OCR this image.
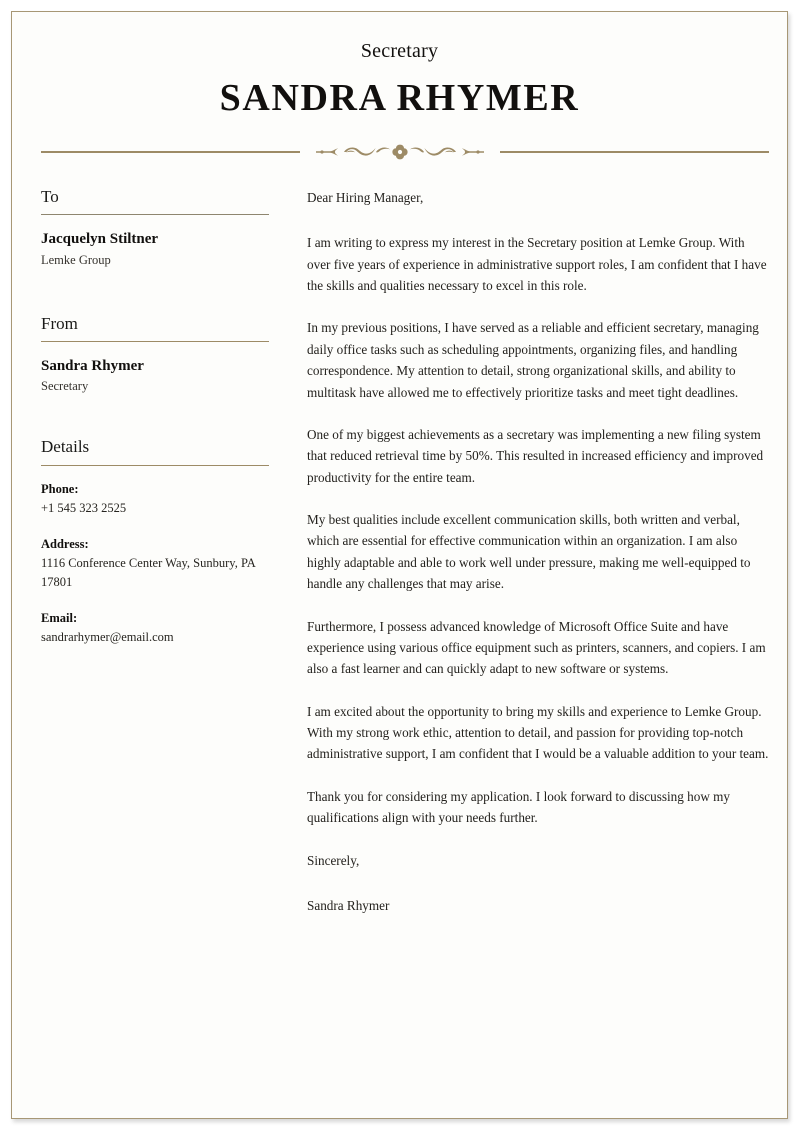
Secretary
SANDRA RHYMER
To
Jacquelyn Stiltner
Lemke Group
From
Sandra Rhymer
Secretary
Details
Phone:
+1 545 323 2525
Address:
1116 Conference Center Way, Sunbury, PA 17801
Email:
sandrarhymer@email.com

Dear Hiring Manager,

I am writing to express my interest in the Secretary position at Lemke Group. With over five years of experience in administrative support roles, I am confident that I have the skills and qualities necessary to excel in this role.

In my previous positions, I have served as a reliable and efficient secretary, managing daily office tasks such as scheduling appointments, organizing files, and handling correspondence. My attention to detail, strong organizational skills, and ability to multitask have allowed me to effectively prioritize tasks and meet tight deadlines.

One of my biggest achievements as a secretary was implementing a new filing system that reduced retrieval time by 50%. This resulted in increased efficiency and improved productivity for the entire team.

My best qualities include excellent communication skills, both written and verbal, which are essential for effective communication within an organization. I am also highly adaptable and able to work well under pressure, making me well-equipped to handle any challenges that may arise.

Furthermore, I possess advanced knowledge of Microsoft Office Suite and have experience using various office equipment such as printers, scanners, and copiers. I am also a fast learner and can quickly adapt to new software or systems.

I am excited about the opportunity to bring my skills and experience to Lemke Group. With my strong work ethic, attention to detail, and passion for providing top-notch administrative support, I am confident that I would be a valuable addition to your team.

Thank you for considering my application. I look forward to discussing how my qualifications align with your needs further.

Sincerely,

Sandra Rhymer
